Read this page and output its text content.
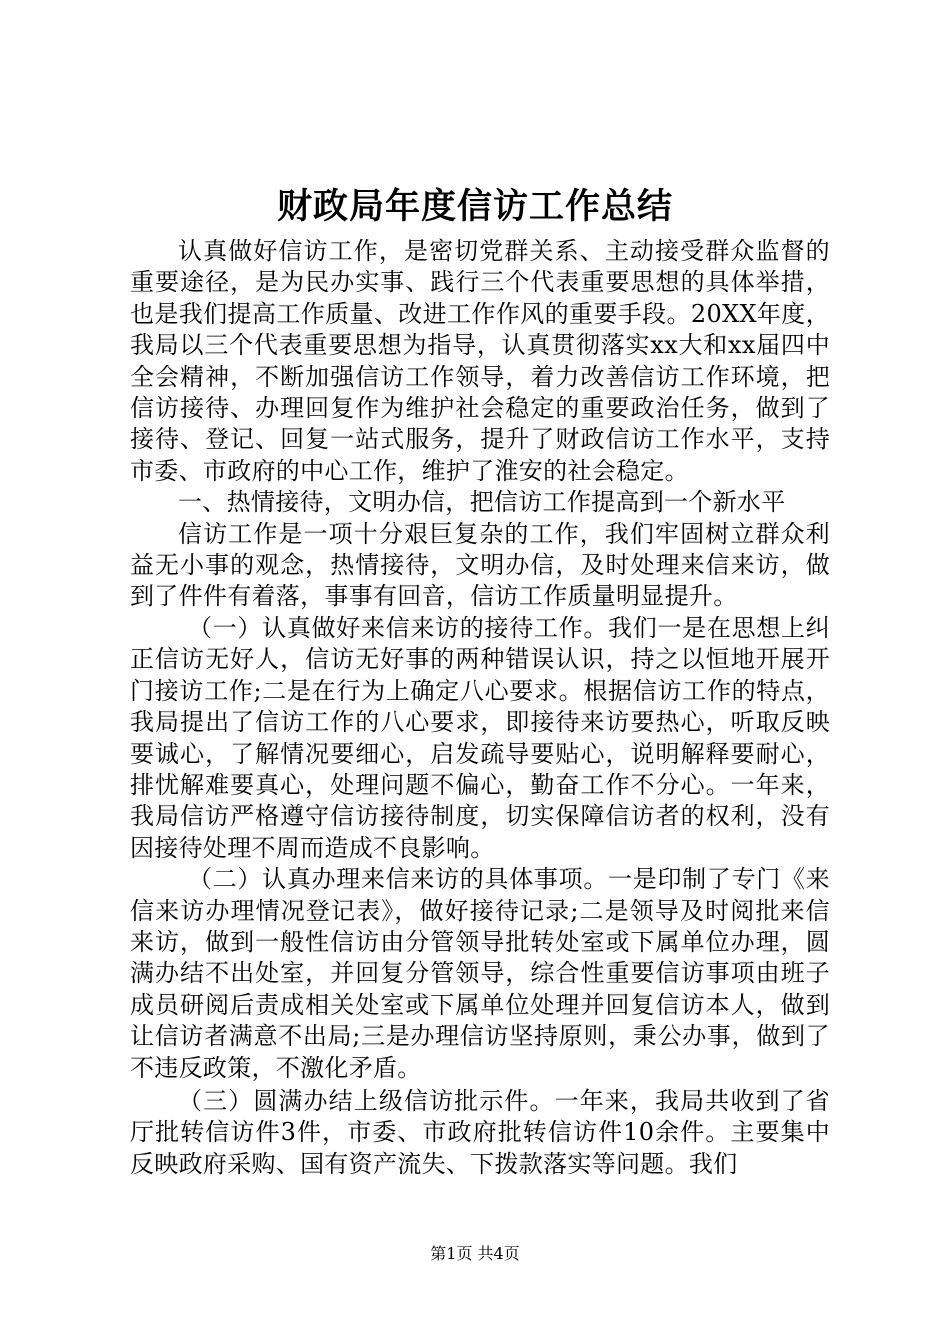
财政局年度信访工作总结

认真做好信访工作，是密切党群关系、主动接受群众监督的重要途径，是为民办实事、践行三个代表重要思想的具体举措，也是我们提高工作质量、改进工作作风的重要手段。20XX年度，我局以三个代表重要思想为指导，认真贯彻落实xx大和xx届四中全会精神，不断加强信访工作领导，着力改善信访工作环境，把信访接待、办理回复作为维护社会稳定的重要政治任务，做到了接待、登记、回复一站式服务，提升了财政信访工作水平，支持市委、市政府的中心工作，维护了淮安的社会稳定。

一、热情接待，文明办信，把信访工作提高到一个新水平

信访工作是一项十分艰巨复杂的工作，我们牢固树立群众利益无小事的观念，热情接待，文明办信，及时处理来信来访，做到了件件有着落，事事有回音，信访工作质量明显提升。

（一）认真做好来信来访的接待工作。我们一是在思想上纠正信访无好人，信访无好事的两种错误认识，持之以恒地开展开门接访工作;二是在行为上确定八心要求。根据信访工作的特点，我局提出了信访工作的八心要求，即接待来访要热心，听取反映要诚心，了解情况要细心，启发疏导要贴心，说明解释要耐心，排忧解难要真心，处理问题不偏心，勤奋工作不分心。一年来，我局信访严格遵守信访接待制度，切实保障信访者的权利，没有因接待处理不周而造成不良影响。

（二）认真办理来信来访的具体事项。一是印制了专门《来信来访办理情况登记表》，做好接待记录;二是领导及时阅批来信来访，做到一般性信访由分管领导批转处室或下属单位办理，圆满办结不出处室，并回复分管领导，综合性重要信访事项由班子成员研阅后责成相关处室或下属单位处理并回复信访本人，做到让信访者满意不出局;三是办理信访坚持原则，秉公办事，做到了不违反政策，不激化矛盾。

（三）圆满办结上级信访批示件。一年来，我局共收到了省厅批转信访件3件，市委、市政府批转信访件10余件。主要集中反映政府采购、国有资产流失、下拨款落实等问题。我们

第1页 共4页
